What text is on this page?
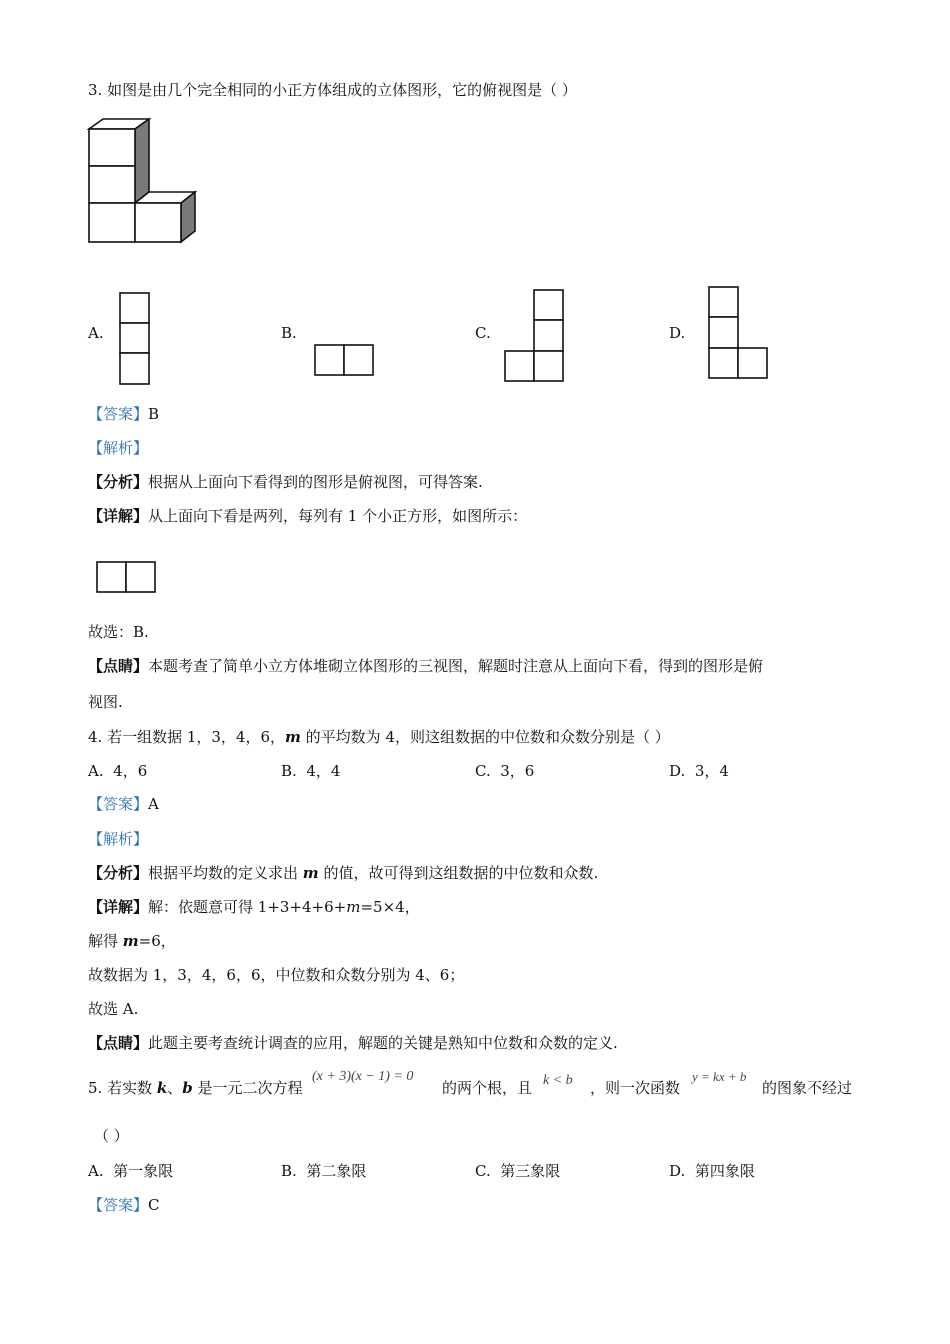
3. 如图是由几个完全相同的小正方体组成的立体图形，它的俯视图是（ ）
A.	B.	C.	D.
【答案】B
【解析】
【分析】根据从上面向下看得到的图形是俯视图，可得答案.
【详解】从上面向下看是两列，每列有 1 个小正方形，如图所示：
故选：B.
【点睛】本题考查了简单小立方体堆砌立体图形的三视图，解题时注意从上面向下看，得到的图形是俯
视图.
4. 若一组数据 1，3，4，6，m 的平均数为 4，则这组数据的中位数和众数分别是（ ）
A. 4，6	B. 4，4	C. 3，6	D. 3，4
【答案】A
【解析】
【分析】根据平均数的定义求出 m 的值，故可得到这组数据的中位数和众数.
【详解】解：依题意可得 1+3+4+6+m=5×4，
解得 m=6，
故数据为 1，3，4，6，6，中位数和众数分别为 4、6；
故选 A.
【点睛】此题主要考查统计调查的应用，解题的关键是熟知中位数和众数的定义.
5. 若实数 k、b 是一元二次方程
(x + 3)(x − 1) = 0
的两个根，且 k < b ，则一次函数
y = kx + b
的图象不经过
（ ）
A. 第一象限	B. 第二象限	C. 第三象限	D. 第四象限
【答案】C
